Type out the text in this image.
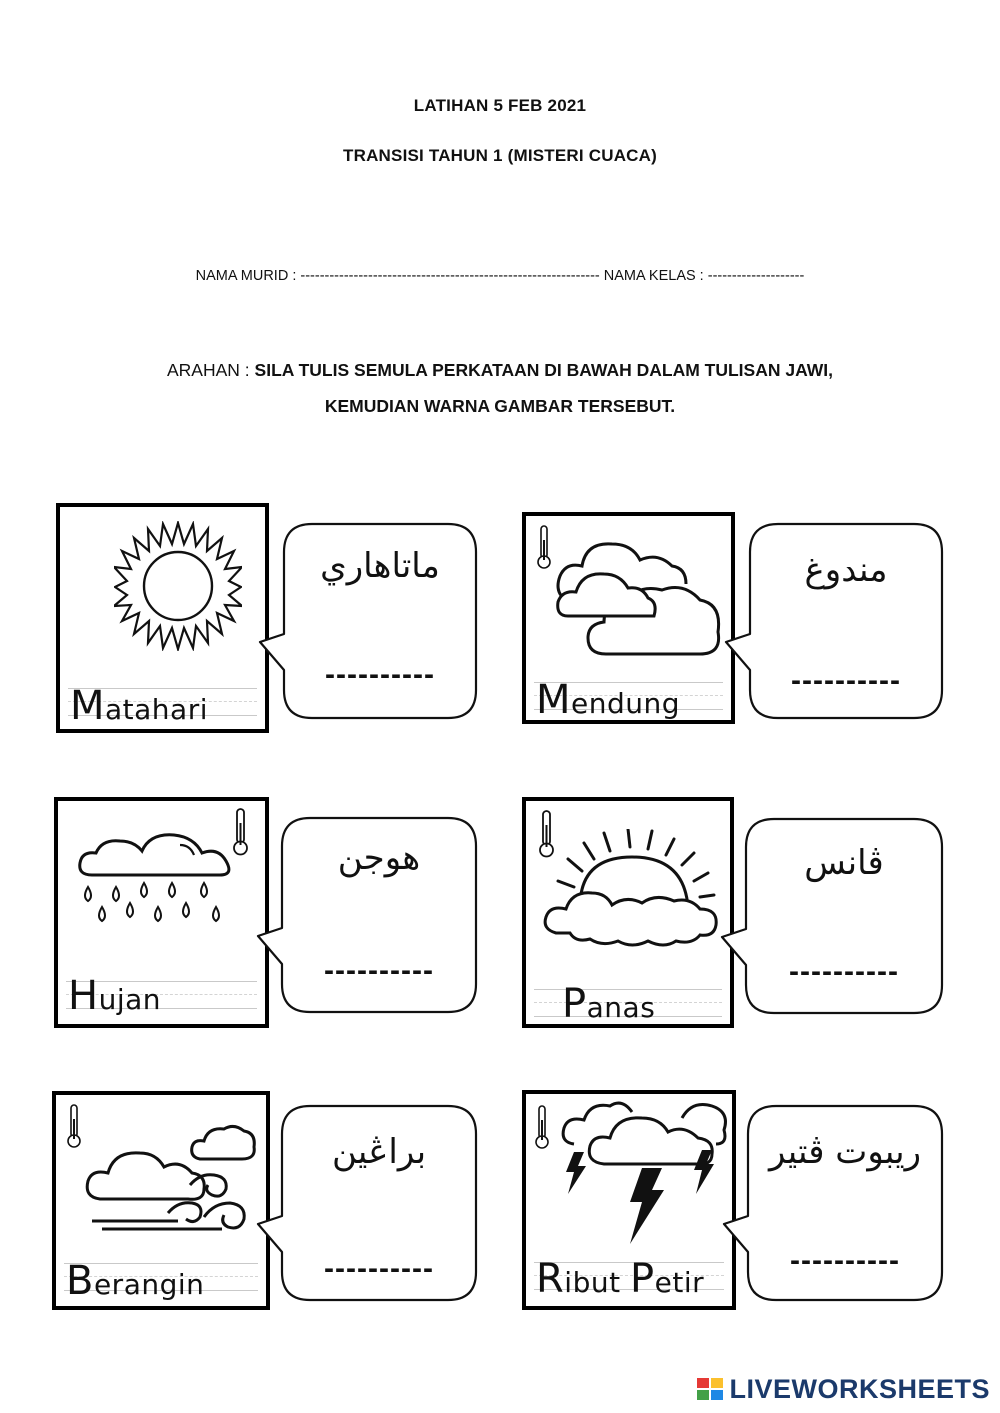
LATIHAN 5 FEB 2021
TRANSISI TAHUN 1 (MISTERI CUACA)
NAMA MURID : -------------------------------------------------------------- NAMA KELAS : --------------------
ARAHAN : SILA TULIS SEMULA PERKATAAN DI BAWAH DALAM TULISAN JAWI,
KEMUDIAN WARNA GAMBAR TERSEBUT.
Matahari
ماتاهاري
----------
Mendung
مندوغ
----------
Hujan
هوجن
----------
Panas
ڤانس
----------
Berangin
براڠين
----------	Ribut Petir
ريبوت ڤتير
----------
LIVEWORKSHEETS
